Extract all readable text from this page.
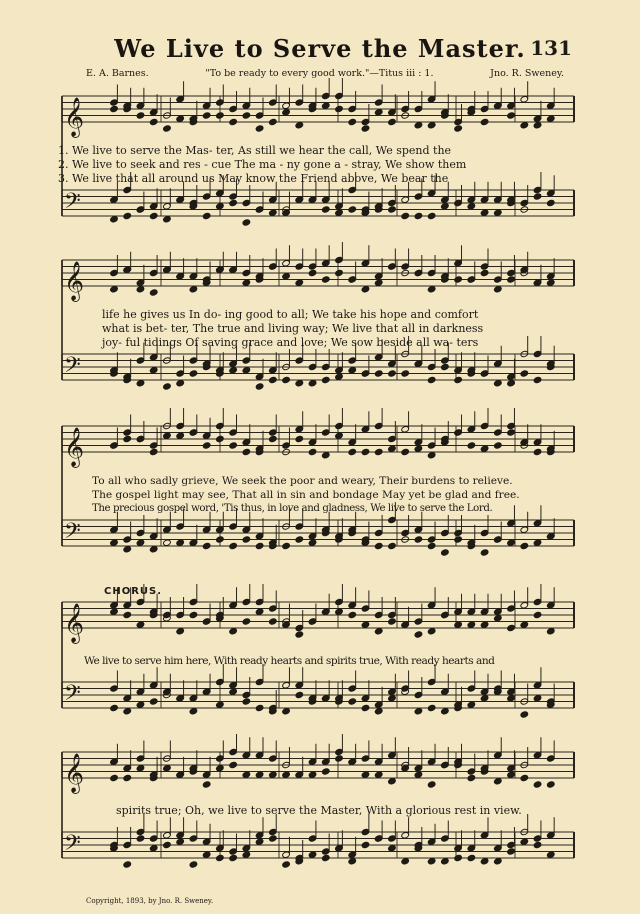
We Live to Serve the Master. 131
E. A. Barnes.	"To be ready to every good work."—Titus iii : 1.	Jno. R. Sweney.
𝄞
𝄢
𝄞
𝄢
𝄞
𝄢
𝄞
𝄢
𝄞
𝄢
1. We live to serve the Mas- ter, As still we hear the call, We spend the
2. We live to seek and res - cue The ma - ny gone a - stray, We show them
3. We live that all around us May know the Friend above, We bear the
life he gives us In do- ing good to all; We take his hope and comfort
what is bet- ter, The true and living way; We live that all in darkness
joy- ful tidings Of saving grace and love; We sow beside all wa- ters
To all who sadly grieve, We seek the poor and weary, Their burdens to relieve.
The gospel light may see, That all in sin and bondage May yet be glad and free.
The precious gospel word, 'Tis thus, in love and gladness, We live to serve the Lord.
CHORUS.
We live to serve him here, With ready hearts and spirits true, With ready hearts and
spirits true; Oh, we live to serve the Master, With a glorious rest in view.
Copyright, 1893, by Jno. R. Sweney.
